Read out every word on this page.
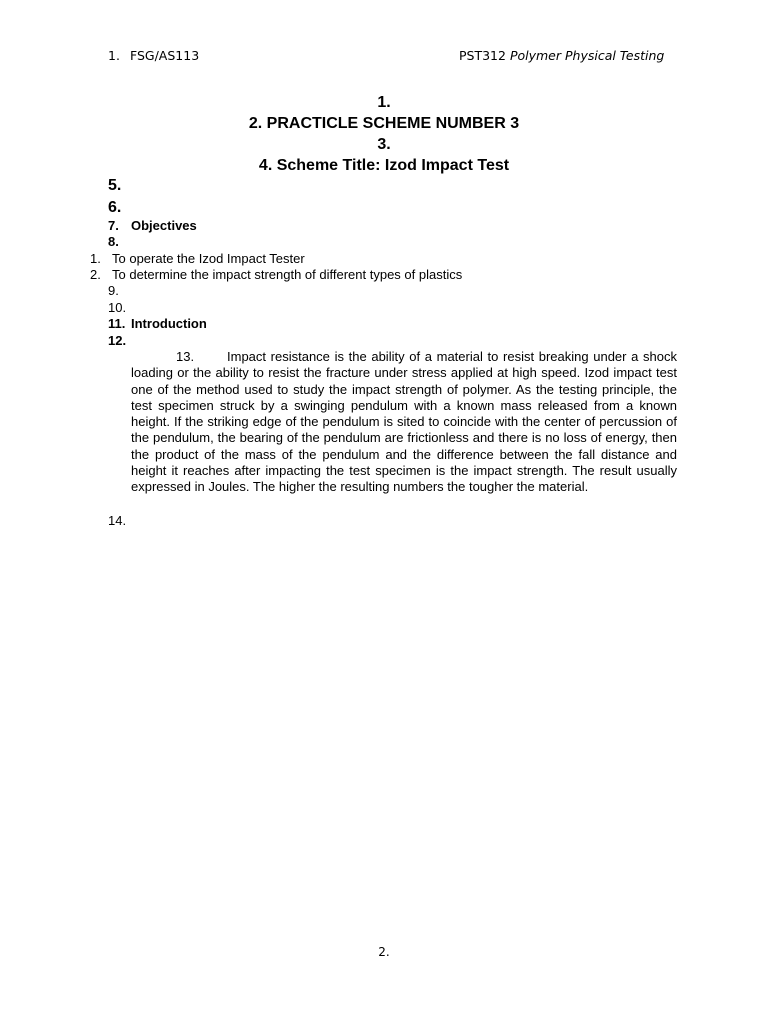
1. FSG/AS113	PST312 Polymer Physical Testing
1.
2. PRACTICLE SCHEME NUMBER 3
3.
4. Scheme Title: Izod Impact Test
5.
6.
7. Objectives
8.
1. To operate the Izod Impact Tester
2. To determine the impact strength of different types of plastics
9.
10.
11. Introduction
12.
13.	Impact resistance is the ability of a material to resist breaking under a shock loading or the ability to resist the fracture under stress applied at high speed. Izod impact test one of the method used to study the impact strength of polymer. As the testing principle, the test specimen struck by a swinging pendulum with a known mass released from a known height. If the striking edge of the pendulum is sited to coincide with the center of percussion of the pendulum, the bearing of the pendulum are frictionless and there is no loss of energy, then the product of the mass of the pendulum and the difference between the fall distance and height it reaches after impacting the test specimen is the impact strength. The result usually expressed in Joules. The higher the resulting numbers the tougher the material.
14.
2.
